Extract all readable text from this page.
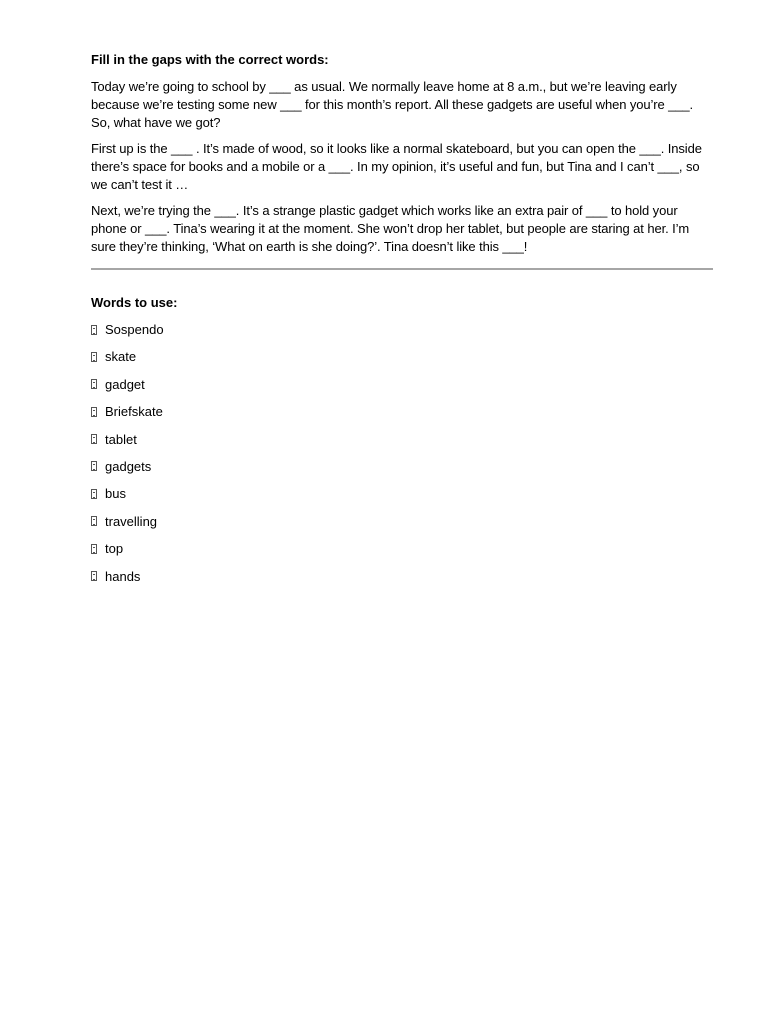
Fill in the gaps with the correct words:

Today we’re going to school by ___ as usual. We normally leave home at 8 a.m., but we’re leaving early because we’re testing some new ___ for this month’s report. All these gadgets are useful when you’re ___. So, what have we got?

First up is the ___ . It’s made of wood, so it looks like a normal skateboard, but you can open the ___. Inside there’s space for books and a mobile or a ___. In my opinion, it’s useful and fun, but Tina and I can’t ___, so we can’t test it …

Next, we’re trying the ___. It’s a strange plastic gadget which works like an extra pair of ___ to hold your phone or ___. Tina’s wearing it at the moment. She won’t drop her tablet, but people are staring at her. I’m sure they’re thinking, ‘What on earth is she doing?’. Tina doesn’t like this ___!

Words to use:

Sospendo
skate
gadget
Briefskate
tablet
gadgets
bus
travelling
top
hands
